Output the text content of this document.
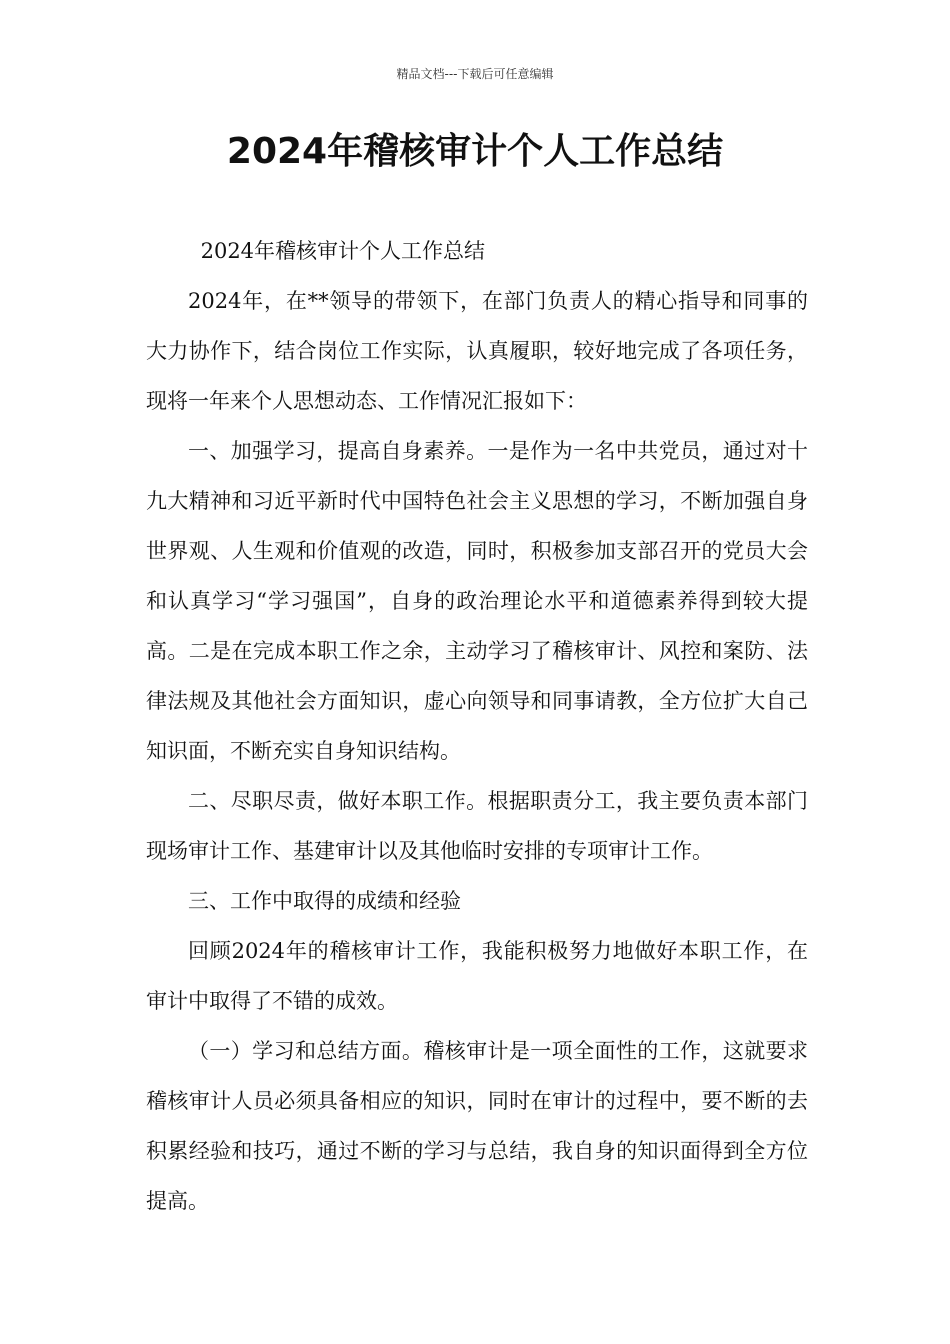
精品文档---下载后可任意编辑
2024年稽核审计个人工作总结

2024年稽核审计个人工作总结

2024年，在**领导的带领下，在部门负责人的精心指导和同事的大力协作下，结合岗位工作实际，认真履职，较好地完成了各项任务，现将一年来个人思想动态、工作情况汇报如下：

一、加强学习，提高自身素养。一是作为一名中共党员，通过对十九大精神和习近平新时代中国特色社会主义思想的学习，不断加强自身世界观、人生观和价值观的改造，同时，积极参加支部召开的党员大会和认真学习“学习强国”，自身的政治理论水平和道德素养得到较大提高。二是在完成本职工作之余，主动学习了稽核审计、风控和案防、法律法规及其他社会方面知识，虚心向领导和同事请教，全方位扩大自己知识面，不断充实自身知识结构。

二、尽职尽责，做好本职工作。根据职责分工，我主要负责本部门现场审计工作、基建审计以及其他临时安排的专项审计工作。

三、工作中取得的成绩和经验

回顾2024年的稽核审计工作，我能积极努力地做好本职工作，在审计中取得了不错的成效。

（一）学习和总结方面。稽核审计是一项全面性的工作，这就要求稽核审计人员必须具备相应的知识，同时在审计的过程中，要不断的去积累经验和技巧，通过不断的学习与总结，我自身的知识面得到全方位提高。
